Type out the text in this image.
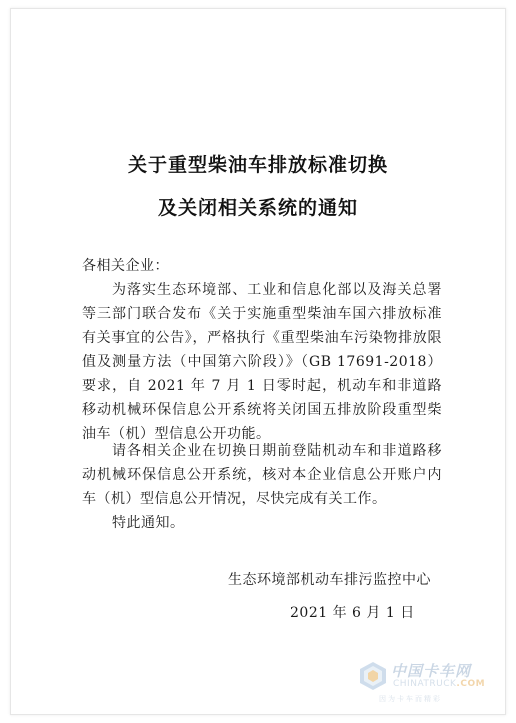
关于重型柴油车排放标准切换
及关闭相关系统的通知
各相关企业：
为落实生态环境部、工业和信息化部以及海关总署等三部门联合发布《关于实施重型柴油车国六排放标准有关事宜的公告》，严格执行《重型柴油车污染物排放限值及测量方法（中国第六阶段）》（GB 17691-2018）要求，自 2021 年 7 月 1 日零时起，机动车和非道路移动机械环保信息公开系统将关闭国五排放阶段重型柴油车（机）型信息公开功能。
请各相关企业在切换日期前登陆机动车和非道路移动机械环保信息公开系统，核对本企业信息公开账户内车（机）型信息公开情况，尽快完成有关工作。
特此通知。
生态环境部机动车排污监控中心
2021 年 6 月 1 日
中国卡车网
CHINATRUCK.COM
因为卡车而精彩
